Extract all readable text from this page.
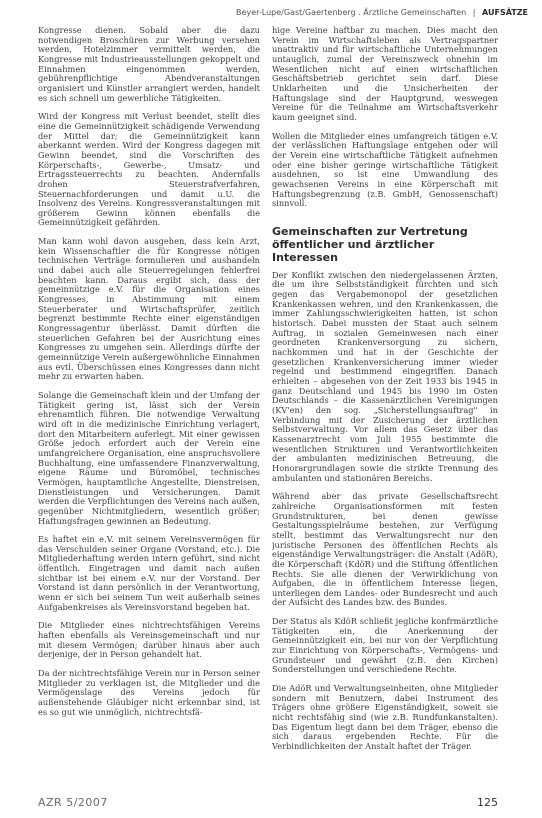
Beyer-Lupe/Gast/Gaertenberg . Ärztliche Gemeinschaften | AUFSÄTZE

Kongresse dienen. Sobald aber die dazu notwendigen Broschüren zur Werbung versehen werden, Hotelzimmer vermittelt werden, die Kongresse mit Industrieausstellungen gekoppelt und Einnahmen eingenommen werden, gebührenpflichtige Abendveranstaltungen organisiert und Künstler arrangiert werden, handelt es sich schnell um gewerbliche Tätigkeiten.

Wird der Kongress mit Verlust beendet, stellt dies eine die Gemeinnützigkeit schädigende Verwendung der Mittel dar; die Gemeinnützigkeit kann aberkannt werden. Wird der Kongress dagegen mit Gewinn beendet, sind die Vorschriften des Körperschafts-, Gewerbe-, Umsatz- und Ertragssteuerrechts zu beachten. Andernfalls drohen Steuerstrafverfahren, Steuernachforderungen und damit u.U. die Insolvenz des Vereins. Kongressveranstaltungen mit größerem Gewinn können ebenfalls die Gemeinnützigkeit gefährden.

Man kann wohl davon ausgehen, dass kein Arzt, kein Wissenschaftler die für Kongresse nötigen technischen Verträge formulieren und aushandeln und dabei auch alle Steuerregelungen fehlerfrei beachten kann. Daraus ergibt sich, dass der gemeinnützige e.V. für die Organisation eines Kongresses, in Abstimmung mit einem Steuerberater und Wirtschaftsprüfer, zeitlich begrenzt bestimmte Rechte einer eigenständigen Kongressagentur überlässt. Damit dürften die steuerlichen Gefahren bei der Ausrichtung eines Kongresses zu umgehen sein. Allerdings dürfte der gemeinnützige Verein außergewöhnliche Einnahmen aus evtl. Überschüssen eines Kongresses dann nicht mehr zu erwarten haben.

Solange die Gemeinschaft klein und der Umfang der Tätigkeit gering ist, lässt sich der Verein ehrenamtlich führen. Die notwendige Verwaltung wird oft in die medizinische Einrichtung verlagert, dort den Mitarbeitern auferlegt. Mit einer gewissen Größe jedoch erfordert auch der Verein eine umfangreichere Organisation, eine anspruchsvollere Buchhaltung, eine umfassendere Finanzverwaltung, eigene Räume und Büromöbel, technisches Vermögen, hauptamtliche Angestellte, Dienstreisen, Dienstleistungen und Versicherungen. Damit werden die Verpflichtungen des Vereins nach außen, gegenüber Nichtmitgliedern, wesentlich größer; Haftungsfragen gewinnen an Bedeutung.

Es haftet ein e.V. mit seinem Vereinsvermögen für das Verschulden seiner Organe (Vorstand, etc.). Die Mitgliederhaftung werden intern geführt, sind nicht öffentlich. Eingetragen und damit nach außen sichtbar ist bei einem e.V. nur der Vorstand. Der Vorstand ist dann persönlich in der Verantwortung, wenn er sich bei seinem Tun weit außerhalb seines Aufgabenkreises als Vereinsvorstand begeben hat.

Die Mitglieder eines nichtrechtsfähigen Vereins haften ebenfalls als Vereinsgemeinschaft und nur mit diesem Vermögen; darüber hinaus aber auch derjenige, der in Person gehandelt hat.

Da der nichtrechtsfähige Verein nur in Person seiner Mitglieder zu verklagen ist, die Mitglieder und die Vermögenslage des Vereins jedoch für außenstehende Gläubiger nicht erkennbar sind, ist es so gut wie unmöglich, nichtrechtsfä-

hige Vereine haftbar zu machen. Dies macht den Verein im Wirtschaftsleben als Vertragspartner unattraktiv und für wirtschaftliche Unternehmungen untauglich, zumal der Vereinszweck ohnehin im Wesentlichen nicht auf einen wirtschaftlichen Geschäftsbetrieb gerichtet sein darf. Diese Unklarheiten und die Unsicherheiten der Haftungslage sind der Hauptgrund, weswegen Vereine für die Teilnahme am Wirtschaftsverkehr kaum geeignet sind.

Wollen die Mitglieder eines umfangreich tätigen e.V. der verlässlichen Haftungslage entgehen oder will der Verein eine wirtschaftliche Tätigkeit aufnehmen oder eine bisher geringe wirtschaftliche Tätigkeit ausdehnen, so ist eine Umwandlung des gewachsenen Vereins in eine Körperschaft mit Haftungsbegrenzung (z.B. GmbH, Genossenschaft) sinnvoll.

Gemeinschaften zur Vertretung öffentlicher und ärztlicher Interessen

Der Konflikt zwischen den niedergelassenen Ärzten, die um ihre Selbstständigkeit fürchten und sich gegen das Vergabemonopol der gesetzlichen Krankenkassen wehren, und den Krankenkassen, die immer Zahlungsschwierigkeiten hatten, ist schon historisch. Dabei mussten der Staat auch seinem Auftrag, in sozialen Gemeinwesen nach einer geordneten Krankenversorgung zu sichern, nachkommen und hat in der Geschichte der gesetzlichen Krankenversicherung immer wieder regelnd und bestimmend eingegriffen. Danach erhielten – abgesehen von der Zeit 1933 bis 1945 in ganz Deutschland und 1945 bis 1990 im Osten Deutschlands – die Kassenärztlichen Vereinigungen (KV'en) den sog. „Sicherstellungsauftrag" in Verbindung mit der Zusicherung der ärztlichen Selbstverwaltung. Vor allem das Gesetz über das Kassenarztrecht vom Juli 1955 bestimmte die wesentlichen Strukturen und Verantwortlichkeiten der ambulanten medizinischen Betreuung, die Honorargrundlagen sowie die strikte Trennung des ambulanten und stationären Bereichs.

Während aber das private Gesellschaftsrecht zahlreiche Organisationsformen mit festen Grundstrukturen, bei denen gewisse Gestaltungsspielräume bestehen, zur Verfügung stellt, bestimmt das Verwaltungsrecht nur den juristische Personen des öffentlichen Rechts als eigenständige Verwaltungsträger: die Anstalt (AdöR), die Körperschaft (KdöR) und die Stiftung öffentlichen Rechts. Sie alle dienen der Verwirklichung von Aufgaben, die in öffentlichem Interesse liegen, unterliegen dem Landes- oder Bundesrecht und auch der Aufsicht des Landes bzw. des Bundes.

Der Status als KdöR schließt jegliche konfrmärztliche Tätigkeiten ein, die Anerkennung der Gemeinnützigkeit ein, bei nur von der Verpflichtung zur Einrichtung von Körperschafts-, Vermögens- und Grundsteuer und gewährt (z.B. den Kirchen) Sonderstellungen und verschiedene Rechte.

Die AdöR und Verwaltungseinheiten, ohne Mitglieder sondern mit Benutzern, dabei Instrument des Trägers ohne größere Eigenständigkeit, soweit sie nicht rechtsfähig sind (wie z.B. Rundfunkanstalten). Das Eigentum liegt dann bei dem Träger, ebenso die sich daraus ergebenden Rechte. Für die Verbindlichkeiten der Anstalt haftet der Träger.

AZR 5/2007	125
